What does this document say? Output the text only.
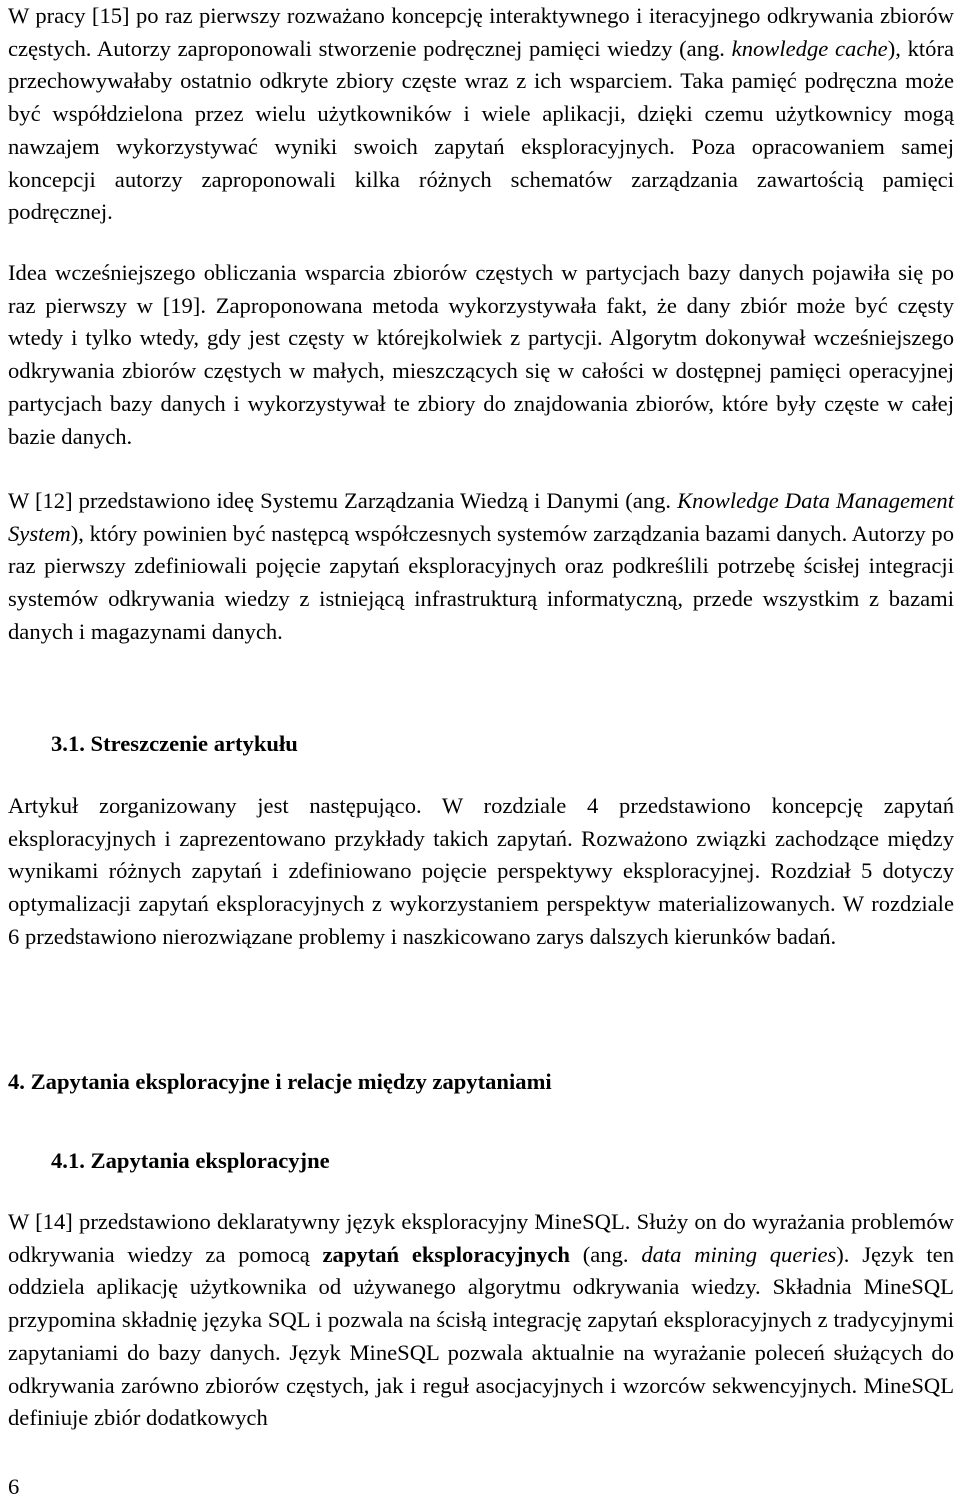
W pracy [15] po raz pierwszy rozważano koncepcję interaktywnego i iteracyjnego odkrywania zbiorów częstych. Autorzy zaproponowali stworzenie podręcznej pamięci wiedzy (ang. knowledge cache), która przechowywałaby ostatnio odkryte zbiory częste wraz z ich wsparciem. Taka pamięć podręczna może być współdzielona przez wielu użytkowników i wiele aplikacji, dzięki czemu użytkownicy mogą nawzajem wykorzystywać wyniki swoich zapytań eksploracyjnych. Poza opracowaniem samej koncepcji autorzy zaproponowali kilka różnych schematów zarządzania zawartością pamięci podręcznej.

Idea wcześniejszego obliczania wsparcia zbiorów częstych w partycjach bazy danych pojawiła się po raz pierwszy w [19]. Zaproponowana metoda wykorzystywała fakt, że dany zbiór może być częsty wtedy i tylko wtedy, gdy jest częsty w którejkolwiek z partycji. Algorytm dokonywał wcześniejszego odkrywania zbiorów częstych w małych, mieszczących się w całości w dostępnej pamięci operacyjnej partycjach bazy danych i wykorzystywał te zbiory do znajdowania zbiorów, które były częste w całej bazie danych.

W [12] przedstawiono ideę Systemu Zarządzania Wiedzą i Danymi (ang. Knowledge Data Management System), który powinien być następcą współczesnych systemów zarządzania bazami danych. Autorzy po raz pierwszy zdefiniowali pojęcie zapytań eksploracyjnych oraz podkreślili potrzebę ścisłej integracji systemów odkrywania wiedzy z istniejącą infrastrukturą informatyczną, przede wszystkim z bazami danych i magazynami danych.

3.1. Streszczenie artykułu

Artykuł zorganizowany jest następująco. W rozdziale 4 przedstawiono koncepcję zapytań eksploracyjnych i zaprezentowano przykłady takich zapytań. Rozważono związki zachodzące między wynikami różnych zapytań i zdefiniowano pojęcie perspektywy eksploracyjnej. Rozdział 5 dotyczy optymalizacji zapytań eksploracyjnych z wykorzystaniem perspektyw materializowanych. W rozdziale 6 przedstawiono nierozwiązane problemy i naszkicowano zarys dalszych kierunków badań.

4. Zapytania eksploracyjne i relacje między zapytaniami
4.1. Zapytania eksploracyjne

W [14] przedstawiono deklaratywny język eksploracyjny MineSQL. Służy on do wyrażania problemów odkrywania wiedzy za pomocą zapytań eksploracyjnych (ang. data mining queries). Język ten oddziela aplikację użytkownika od używanego algorytmu odkrywania wiedzy. Składnia MineSQL przypomina składnię języka SQL i pozwala na ścisłą integrację zapytań eksploracyjnych z tradycyjnymi zapytaniami do bazy danych. Język MineSQL pozwala aktualnie na wyrażanie poleceń służących do odkrywania zarówno zbiorów częstych, jak i reguł asocjacyjnych i wzorców sekwencyjnych. MineSQL definiuje zbiór dodatkowych

6
